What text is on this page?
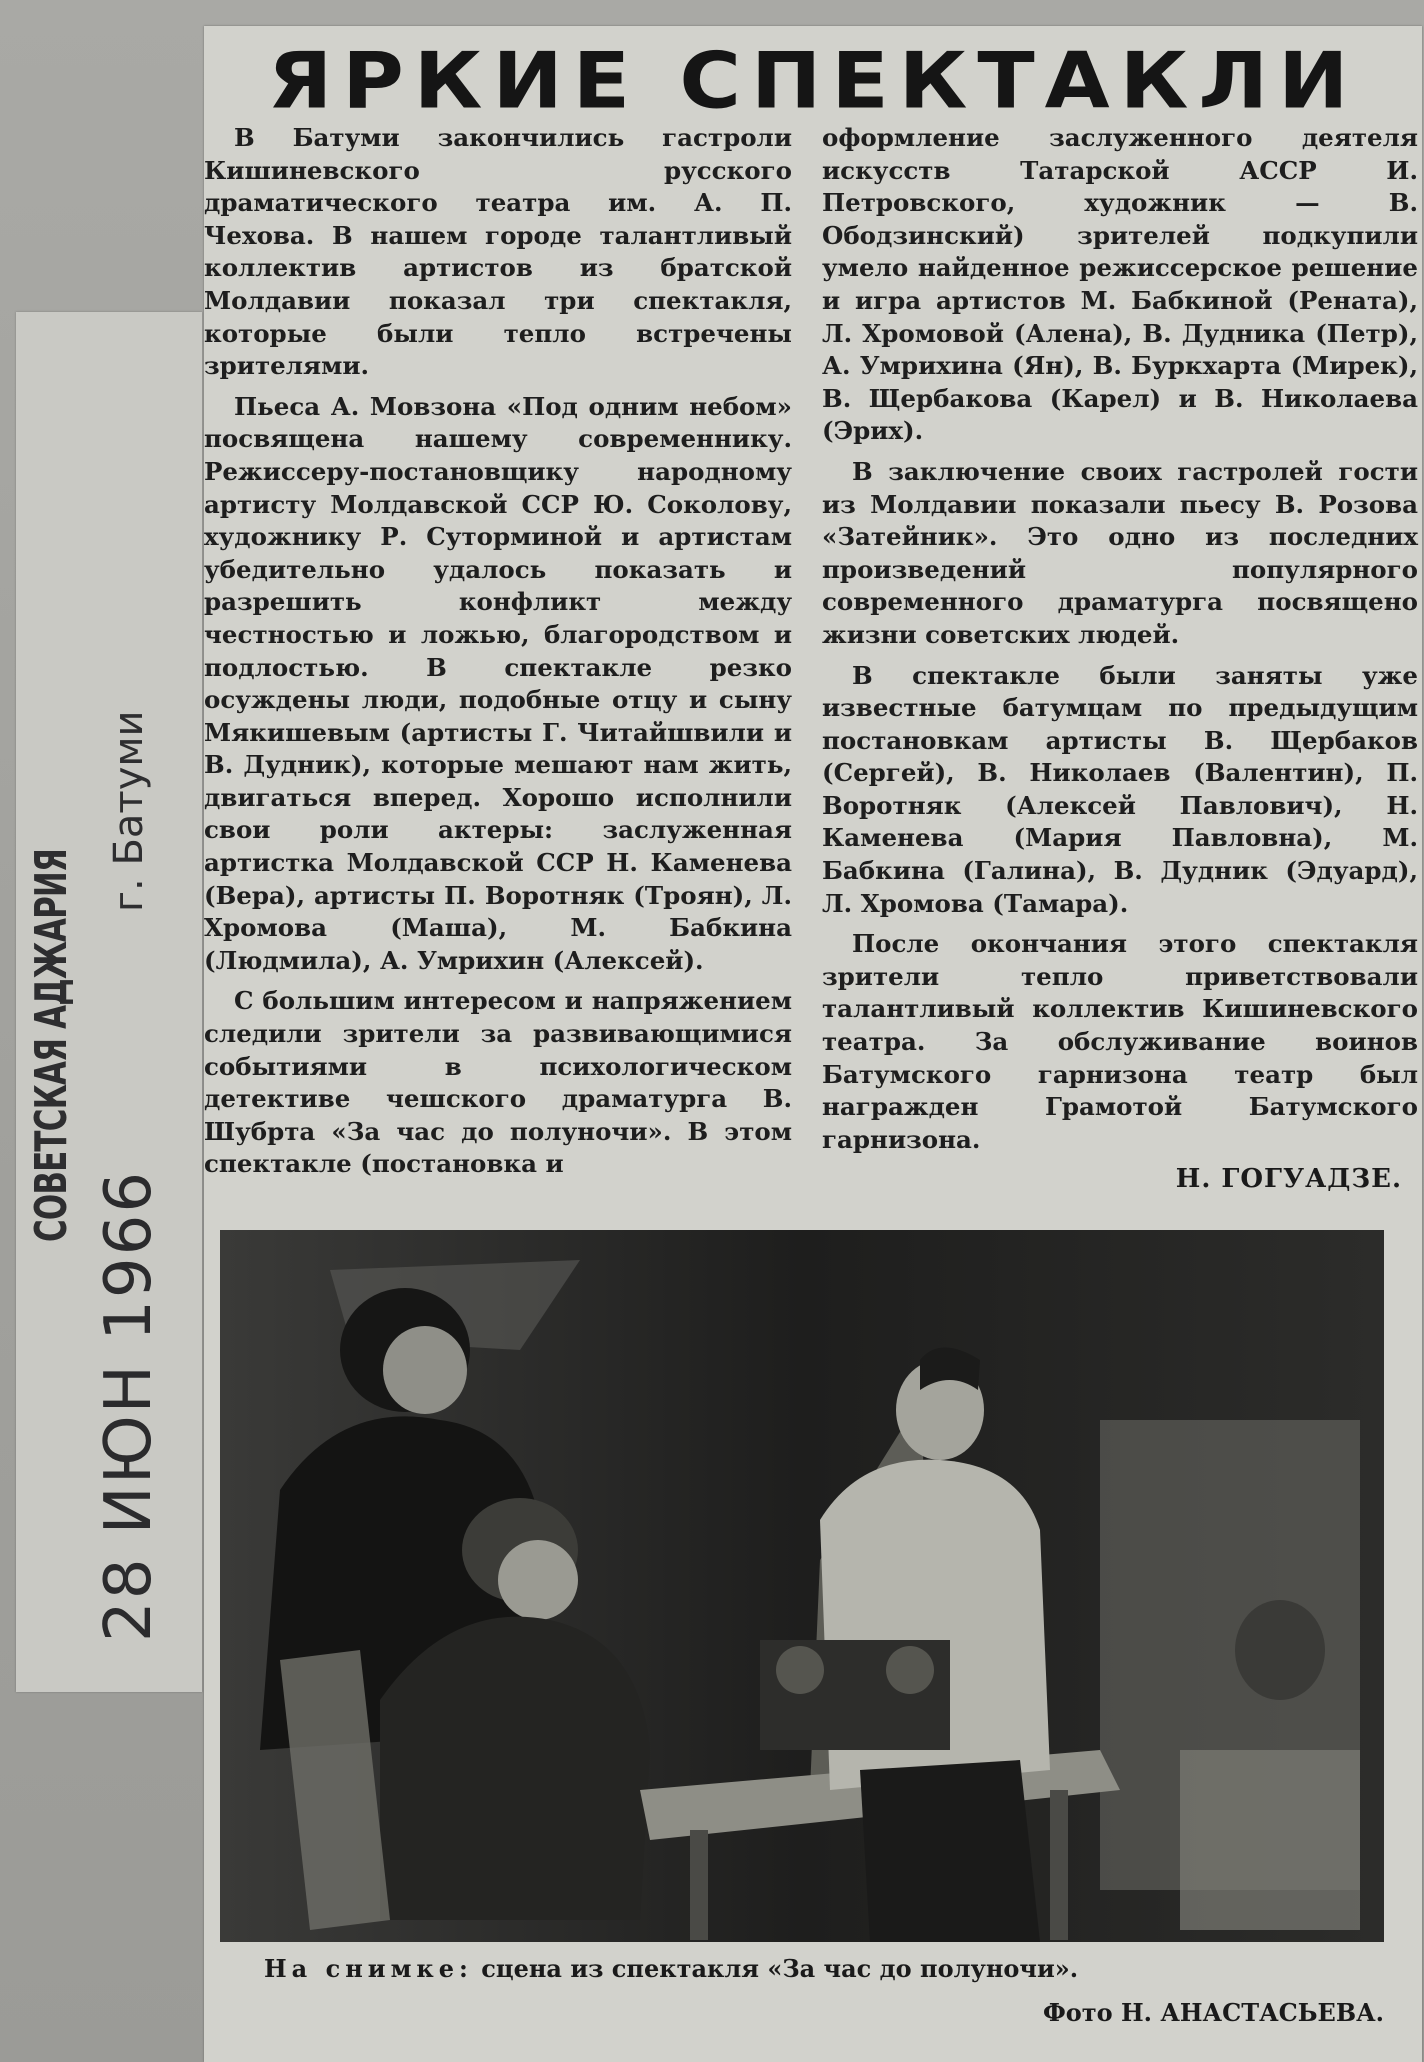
ЯРКИЕ СПЕКТАКЛИ

В Батуми закончились гастроли Кишиневского русского драматического театра им. А. П. Чехова. В нашем городе талантливый коллектив артистов из братской Молдавии показал три спектакля, которые были тепло встречены зрителями.

Пьеса А. Мовзона «Под одним небом» посвящена нашему современнику. Режиссеру-постановщику народному артисту Молдавской ССР Ю. Соколову, художнику Р. Суторминой и артистам убедительно удалось показать и разрешить конфликт между честностью и ложью, благородством и подлостью. В спектакле резко осуждены люди, подобные отцу и сыну Мякишевым (артисты Г. Читайшвили и В. Дудник), которые мешают нам жить, двигаться вперед. Хорошо исполнили свои роли актеры: заслуженная артистка Молдавской ССР Н. Каменева (Вера), артисты П. Воротняк (Троян), Л. Хромова (Маша), М. Бабкина (Людмила), А. Умрихин (Алексей).

С большим интересом и напряжением следили зрители за развивающимися событиями в психологическом детективе чешского драматурга В. Шубрта «За час до полуночи». В этом спектакле (постановка и

оформление заслуженного деятеля искусств Татарской АССР И. Петровского, художник — В. Ободзинский) зрителей подкупили умело найденное режиссерское решение и игра артистов М. Бабкиной (Рената), Л. Хромовой (Алена), В. Дудника (Петр), А. Умрихина (Ян), В. Буркхарта (Мирек), В. Щербакова (Карел) и В. Николаева (Эрих).

В заключение своих гастролей гости из Молдавии показали пьесу В. Розова «Затейник». Это одно из последних произведений популярного современного драматурга посвящено жизни советских людей.

В спектакле были заняты уже известные батумцам по предыдущим постановкам артисты В. Щербаков (Сергей), В. Николаев (Валентин), П. Воротняк (Алексей Павлович), Н. Каменева (Мария Павловна), М. Бабкина (Галина), В. Дудник (Эдуард), Л. Хромова (Тамара).

После окончания этого спектакля зрители тепло приветствовали талантливый коллектив Кишиневского театра. За обслуживание воинов Батумского гарнизона театр был награжден Грамотой Батумского гарнизона.

Н. ГОГУАДЗЕ.
На снимке: сцена из спектакля «За час до полуночи».
Фото Н. АНАСТАСЬЕВА.
СОВЕТСКАЯ АДЖАРИЯ
г. Батуми
28 ИЮН 1966
